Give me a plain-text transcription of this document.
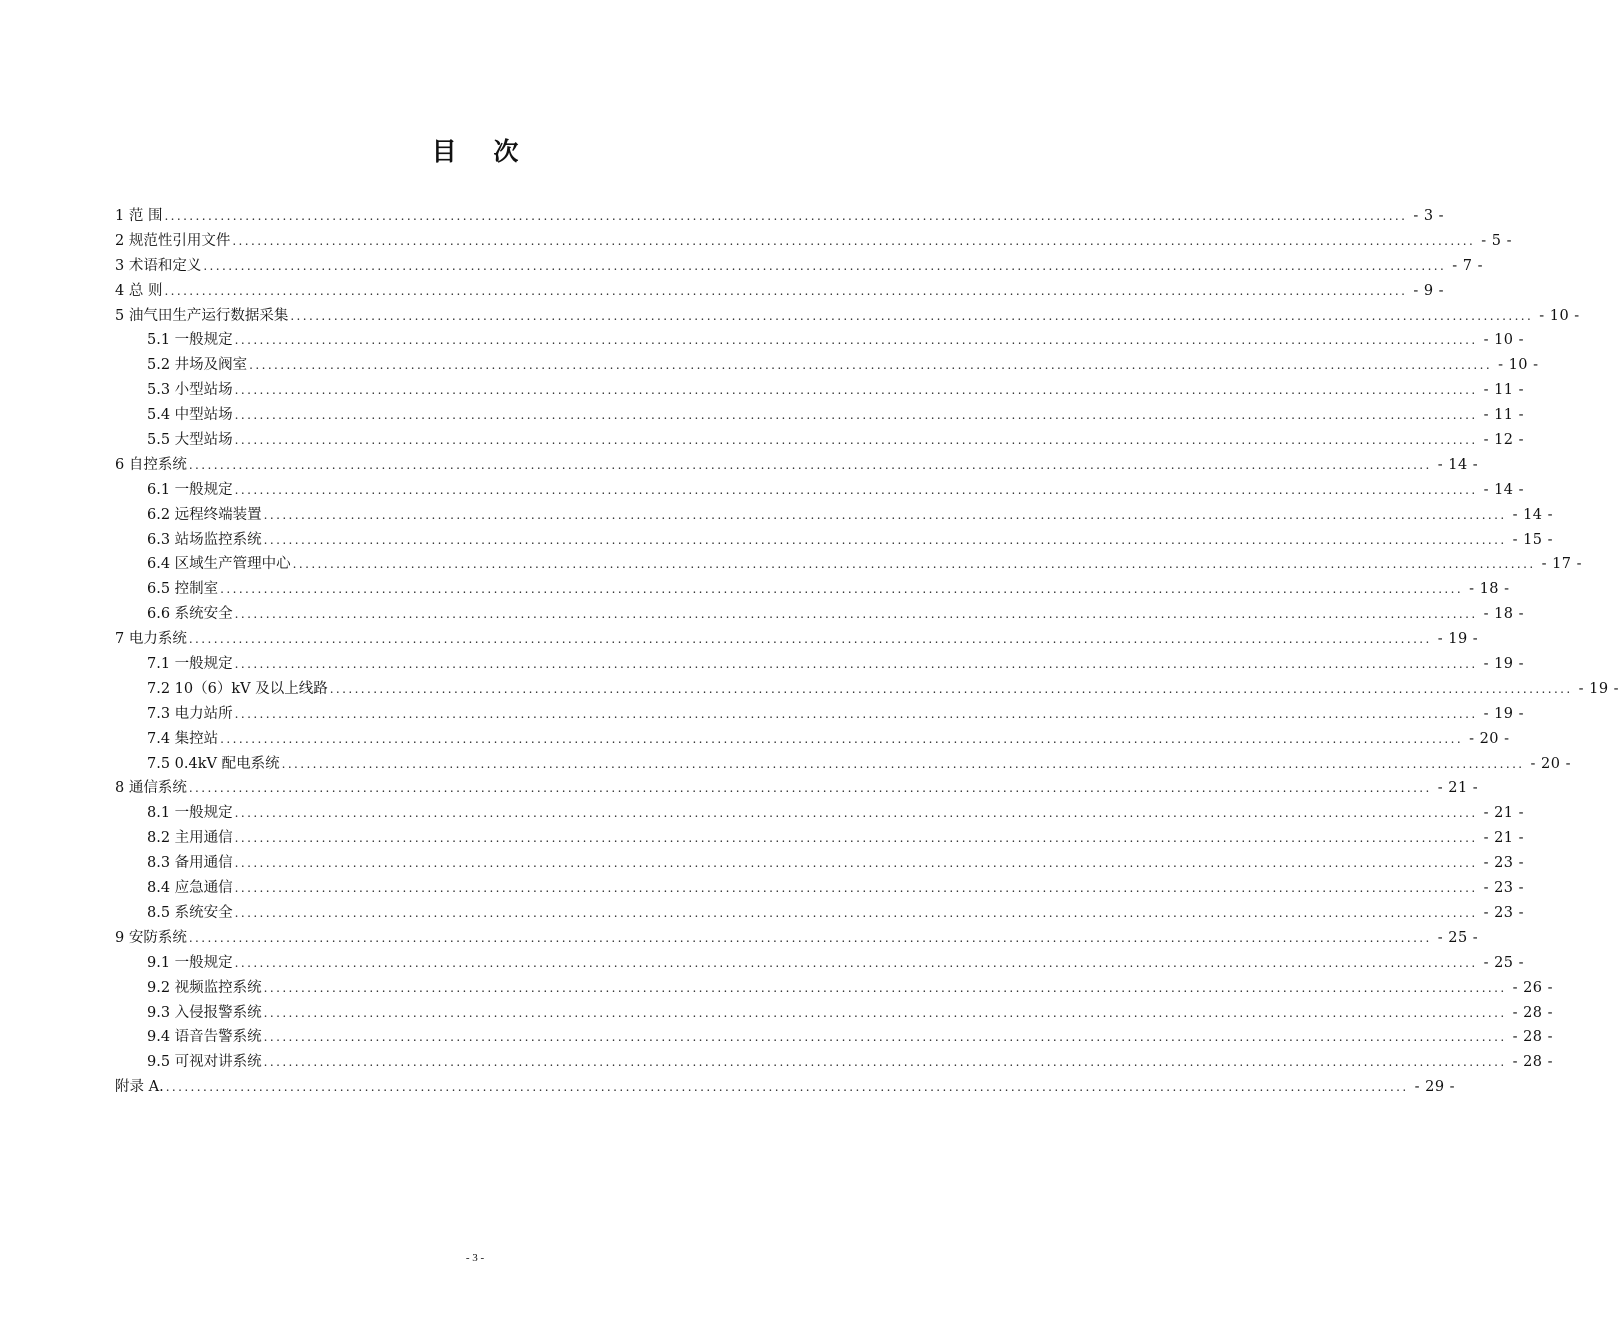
目 次
1 范 围 ........................................................................................................................................................................................................ - 3 -
2 规范性引用文件 ........................................................................................................................................................................................................ - 5 -
3 术语和定义 ........................................................................................................................................................................................................ - 7 -
4 总 则 ........................................................................................................................................................................................................ - 9 -
5 油气田生产运行数据采集 ........................................................................................................................................................................................................ - 10 -
5.1 一般规定 ........................................................................................................................................................................................................ - 10 -
5.2 井场及阀室 ........................................................................................................................................................................................................ - 10 -
5.3 小型站场 ........................................................................................................................................................................................................ - 11 -
5.4 中型站场 ........................................................................................................................................................................................................ - 11 -
5.5 大型站场 ........................................................................................................................................................................................................ - 12 -
6 自控系统 ........................................................................................................................................................................................................ - 14 -
6.1 一般规定 ........................................................................................................................................................................................................ - 14 -
6.2 远程终端装置 ........................................................................................................................................................................................................ - 14 -
6.3 站场监控系统 ........................................................................................................................................................................................................ - 15 -
6.4 区域生产管理中心 ........................................................................................................................................................................................................ - 17 -
6.5 控制室 ........................................................................................................................................................................................................ - 18 -
6.6 系统安全 ........................................................................................................................................................................................................ - 18 -
7 电力系统 ........................................................................................................................................................................................................ - 19 -
7.1 一般规定 ........................................................................................................................................................................................................ - 19 -
7.2 10（6）kV 及以上线路 ........................................................................................................................................................................................................ - 19 -
7.3 电力站所 ........................................................................................................................................................................................................ - 19 -
7.4 集控站 ........................................................................................................................................................................................................ - 20 -
7.5 0.4kV 配电系统 ........................................................................................................................................................................................................ - 20 -
8 通信系统 ........................................................................................................................................................................................................ - 21 -
8.1 一般规定 ........................................................................................................................................................................................................ - 21 -
8.2 主用通信 ........................................................................................................................................................................................................ - 21 -
8.3 备用通信 ........................................................................................................................................................................................................ - 23 -
8.4 应急通信 ........................................................................................................................................................................................................ - 23 -
8.5 系统安全 ........................................................................................................................................................................................................ - 23 -
9 安防系统 ........................................................................................................................................................................................................ - 25 -
9.1 一般规定 ........................................................................................................................................................................................................ - 25 -
9.2 视频监控系统 ........................................................................................................................................................................................................ - 26 -
9.3 入侵报警系统 ........................................................................................................................................................................................................ - 28 -
9.4 语音告警系统 ........................................................................................................................................................................................................ - 28 -
9.5 可视对讲系统 ........................................................................................................................................................................................................ - 28 -
附录 A. ........................................................................................................................................................................................................ - 29 -
- 3 -
